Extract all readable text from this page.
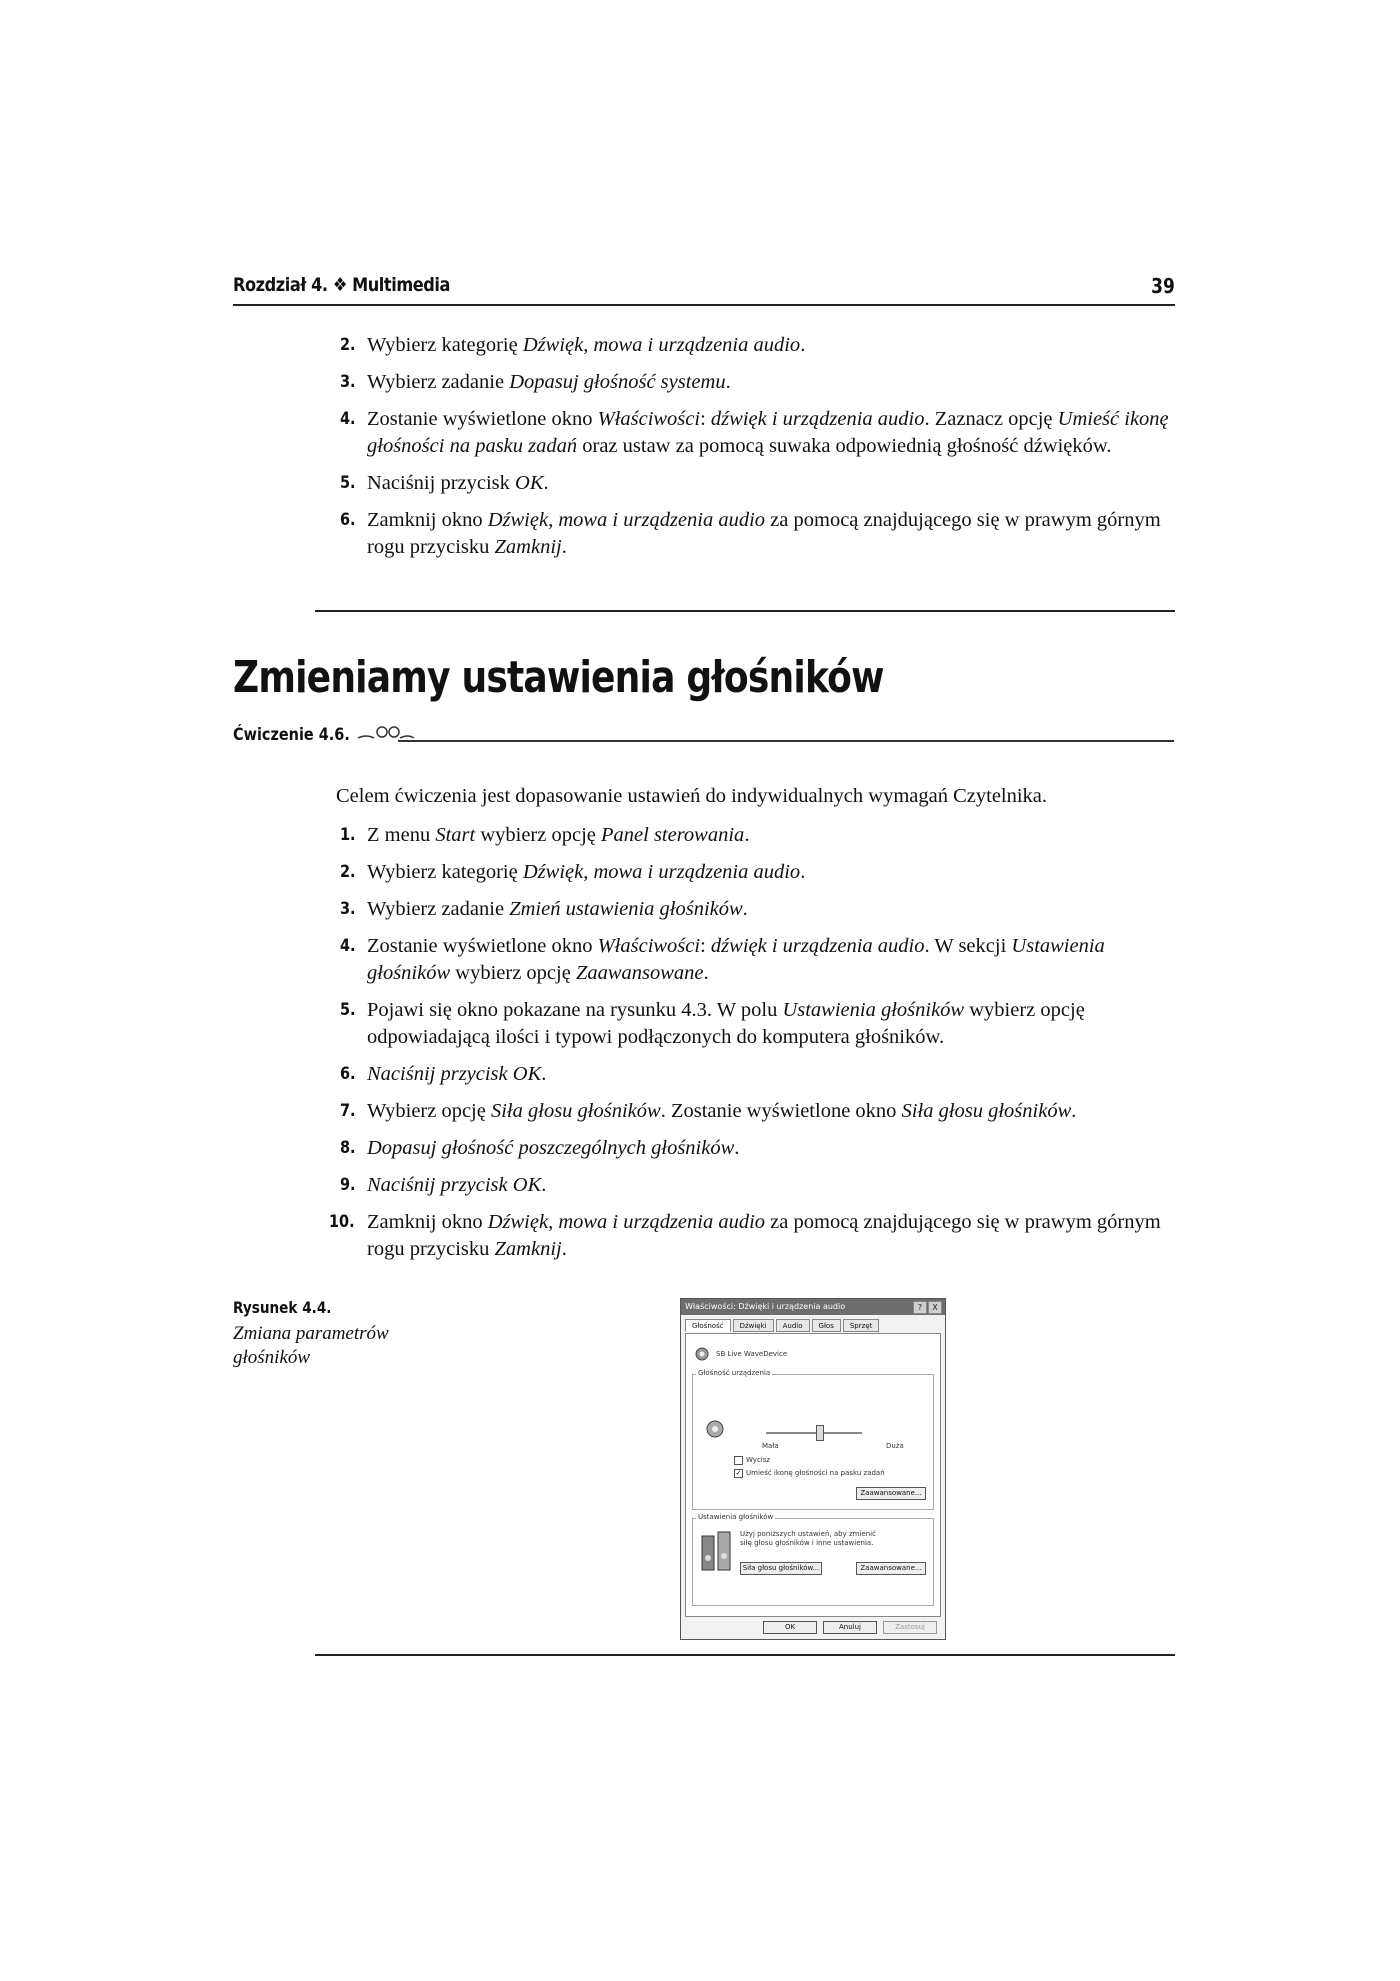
Rozdział 4. ❖ Multimedia	39
2. Wybierz kategorię Dźwięk, mowa i urządzenia audio.
3. Wybierz zadanie Dopasuj głośność systemu.
4. Zostanie wyświetlone okno Właściwości: dźwięk i urządzenia audio. Zaznacz opcję Umieść ikonę głośności na pasku zadań oraz ustaw za pomocą suwaka odpowiednią głośność dźwięków.
5. Naciśnij przycisk OK.
6. Zamknij okno Dźwięk, mowa i urządzenia audio za pomocą znajdującego się w prawym górnym rogu przycisku Zamknij.
Zmieniamy ustawienia głośników
Ćwiczenie 4.6.
Celem ćwiczenia jest dopasowanie ustawień do indywidualnych wymagań Czytelnika.
1. Z menu Start wybierz opcję Panel sterowania.
2. Wybierz kategorię Dźwięk, mowa i urządzenia audio.
3. Wybierz zadanie Zmień ustawienia głośników.
4. Zostanie wyświetlone okno Właściwości: dźwięk i urządzenia audio. W sekcji Ustawienia głośników wybierz opcję Zaawansowane.
5. Pojawi się okno pokazane na rysunku 4.3. W polu Ustawienia głośników wybierz opcję odpowiadającą ilości i typowi podłączonych do komputera głośników.
6. Naciśnij przycisk OK.
7. Wybierz opcję Siła głosu głośników. Zostanie wyświetlone okno Siła głosu głośników.
8. Dopasuj głośność poszczególnych głośników.
9. Naciśnij przycisk OK.
10. Zamknij okno Dźwięk, mowa i urządzenia audio za pomocą znajdującego się w prawym górnym rogu przycisku Zamknij.
Rysunek 4.4.
Zmiana parametrów
głośników
Właściwości: Dźwięki i urządzenia audio	?	X
Głośność	Dźwięki	Audio	Głos	Sprzęt
SB Live WaveDevice
Głośność urządzenia
Mała	Duża
Wycisz
✓ Umieść ikonę głośności na pasku zadań
Zaawansowane...
Ustawienia głośników
Użyj poniższych ustawień, aby zmienić siłę głosu głośników i inne ustawienia.
Siła głosu głośników...	Zaawansowane...
OK	Anuluj	Zastosuj
